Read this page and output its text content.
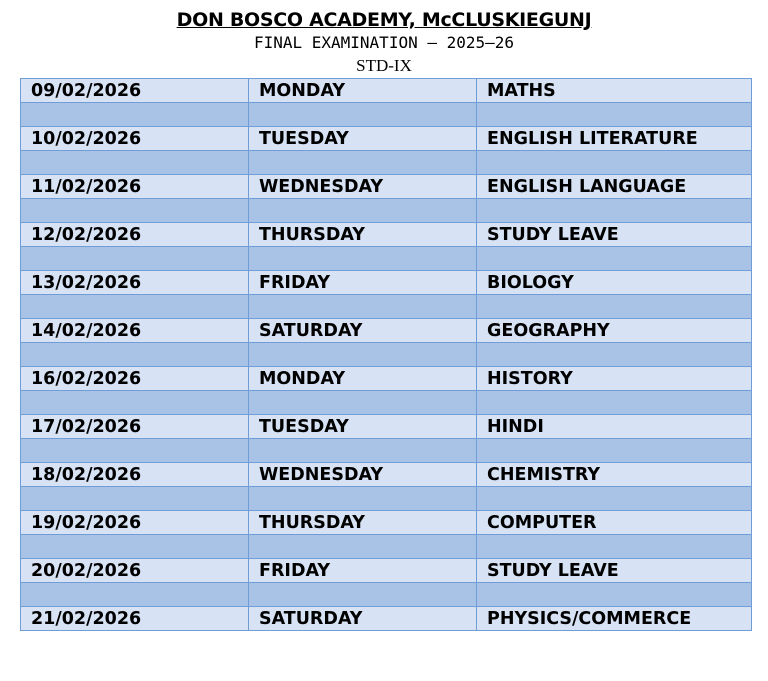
DON BOSCO ACADEMY, McCLUSKIEGUNJ
FINAL EXAMINATION – 2025–26
STD-IX
09/02/2026	MONDAY	MATHS

10/02/2026	TUESDAY	ENGLISH LITERATURE

11/02/2026	WEDNESDAY	ENGLISH LANGUAGE

12/02/2026	THURSDAY	STUDY LEAVE

13/02/2026	FRIDAY	BIOLOGY

14/02/2026	SATURDAY	GEOGRAPHY

16/02/2026	MONDAY	HISTORY

17/02/2026	TUESDAY	HINDI

18/02/2026	WEDNESDAY	CHEMISTRY

19/02/2026	THURSDAY	COMPUTER

20/02/2026	FRIDAY	STUDY LEAVE

21/02/2026	SATURDAY	PHYSICS/COMMERCE
